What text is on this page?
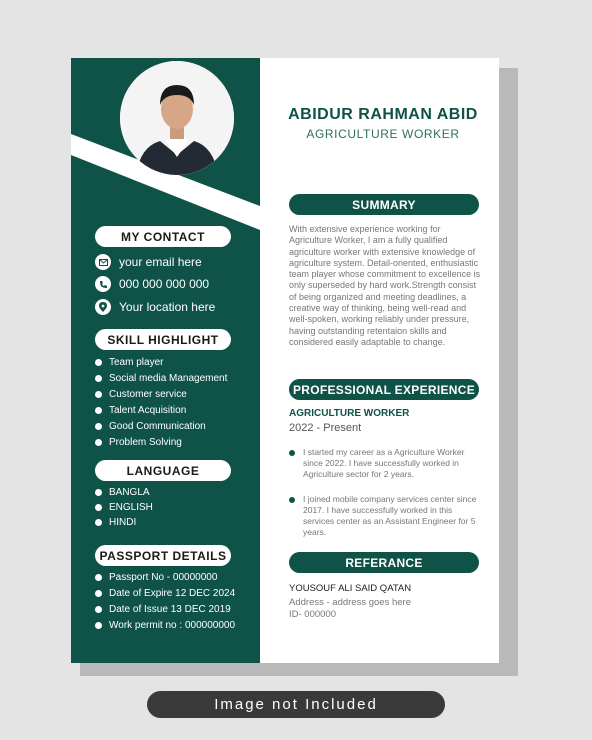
MY CONTACT
your email here
000 000 000 000
Your location here
SKILL HIGHLIGHT
Team player
Social media Management
Customer service
Talent Acquisition
Good Communication
Problem Solving
LANGUAGE
BANGLA
ENGLISH
HINDI
PASSPORT DETAILS
Passport No - 00000000
Date of Expire 12 DEC 2024
Date of Issue 13 DEC 2019
Work permit no : 000000000
ABIDUR RAHMAN ABID
AGRICULTURE WORKER
SUMMARY

With extensive experience working for Agriculture Worker, I am a fully qualified agriculture worker with extensive knowledge of agriculture system. Detail-oriented, enthusiastic team player whose commitment to excellence is only superseded by hard work.Strength consist of being organized and meeting deadlines, a creative way of thinking, being well-read and well-spoken, working reliably under pressure, having outstanding retentaion skills and considered easily adaptable to change.

PROFESSIONAL EXPERIENCE
AGRICULTURE WORKER
2022 - Present
I started my career as a Agriculture Worker since 2022. I have successfully worked in Agriculture sector for 2 years.
I joined mobile company services center since 2017. I have successfully worked in this services center as an Assistant Engineer for 5 years.
REFERANCE
YOUSOUF ALI SAID QATAN
Address - address goes here
ID- 000000
Image not Included
